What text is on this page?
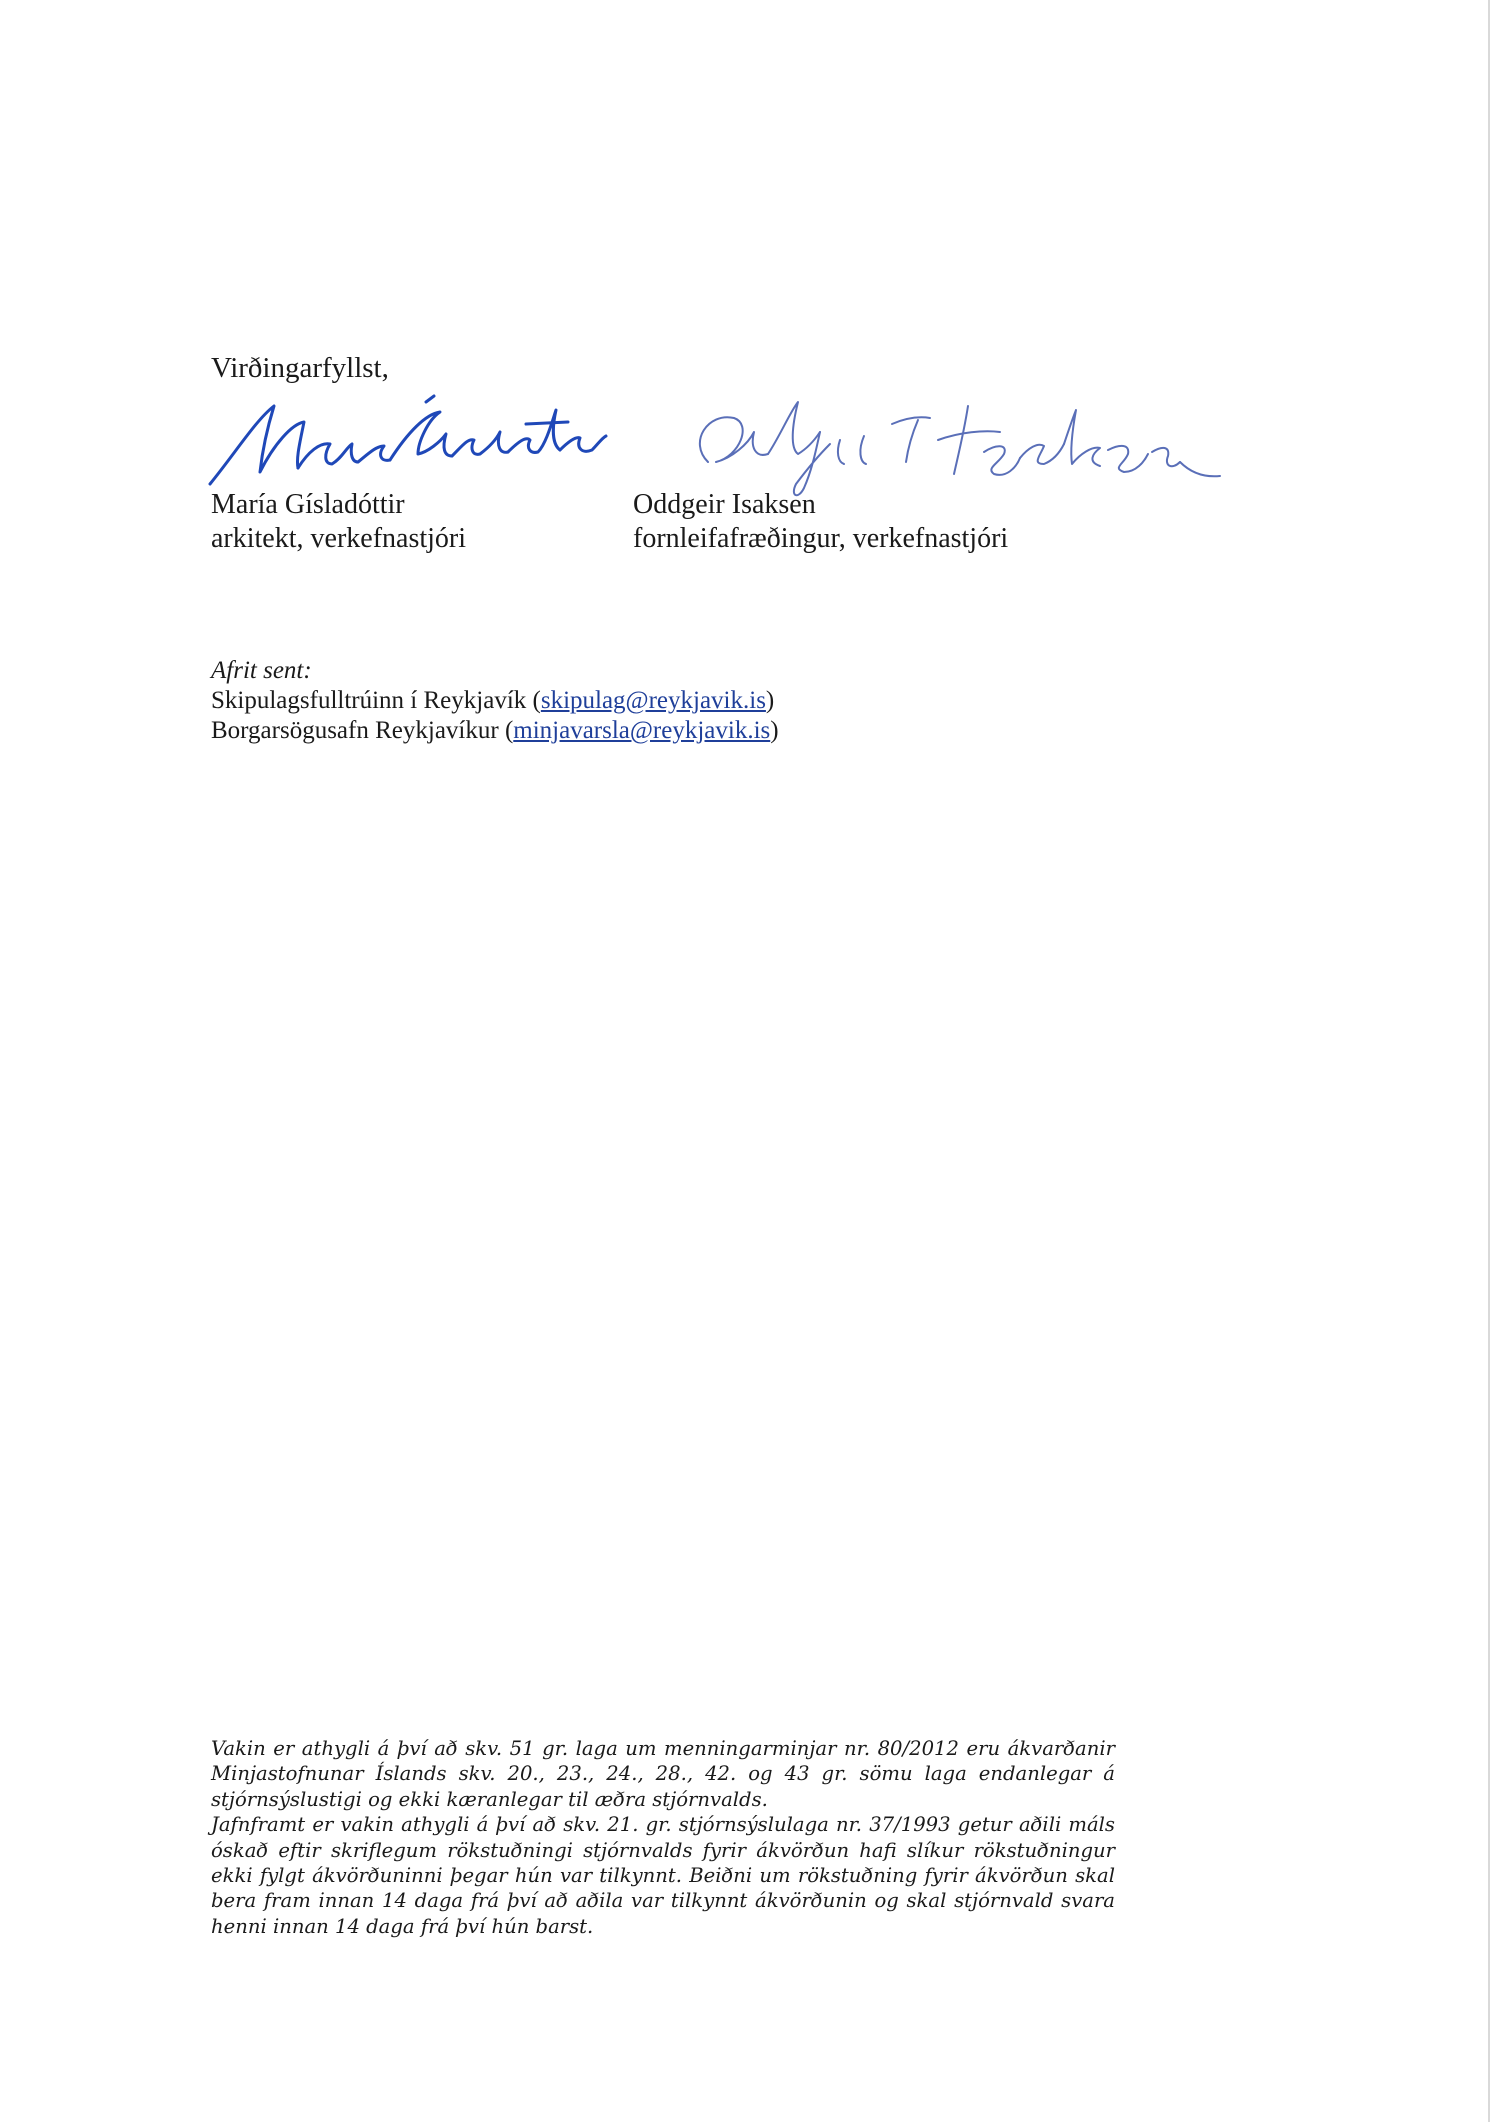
Virðingarfyllst,
María Gísladóttir
arkitekt, verkefnastjóri
Oddgeir Isaksen
fornleifafræðingur, verkefnastjóri
Afrit sent:
Skipulagsfulltrúinn í Reykjavík (skipulag@reykjavik.is)
Borgarsögusafn Reykjavíkur (minjavarsla@reykjavik.is)

Vakin er athygli á því að skv. 51 gr. laga um menningarminjar nr. 80/2012 eru ákvarðanir Minjastofnunar Íslands skv. 20., 23., 24., 28., 42. og 43 gr. sömu laga endanlegar á stjórnsýslustigi og ekki kæranlegar til æðra stjórnvalds.

Jafnframt er vakin athygli á því að skv. 21. gr. stjórnsýslulaga nr. 37/1993 getur aðili máls óskað eftir skriflegum rökstuðningi stjórnvalds fyrir ákvörðun hafi slíkur rökstuðningur ekki fylgt ákvörðuninni þegar hún var tilkynnt. Beiðni um rökstuðning fyrir ákvörðun skal bera fram innan 14 daga frá því að aðila var tilkynnt ákvörðunin og skal stjórnvald svara henni innan 14 daga frá því hún barst.
